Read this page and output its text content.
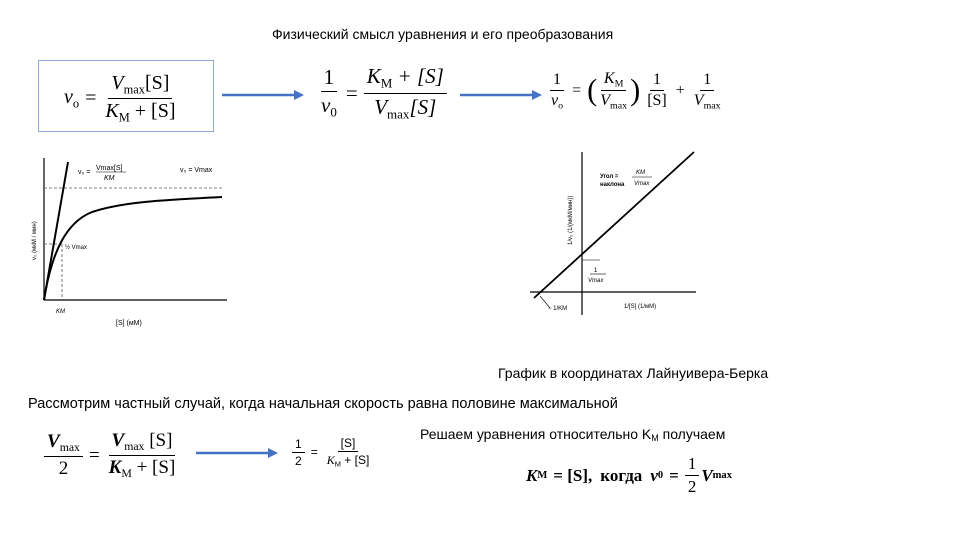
Физический смысл уравнения и его преобразования
$v_o = \frac{V_{max}[S]}{K_M + [S]}$	$\frac{1}{v_0} = \frac{K_M + [S]}{V_{max}[S]}$	$\frac{1}{v_o}$ = ( $\frac{K_M}{V_{max}}$ ) $\frac{1}{[S]} + \frac{1}{V_{max}}$
v₀ =
Vmax[S]
KM
v₀ = Vmax
½ Vmax
KM
[S] (мМ)
v₀ (мкМ / мин)
1
Vmax
− 1/KM
Угол =
наклона
KM
Vmax
1/[S] (1/мМ)
1/v₀ (1/(мкМ/мин))
График в координатах Лайнуивера-Берка
Рассмотрим частный случай, когда начальная скорость равна половине максимальной
$\frac{V_{max}}{2} = \frac{V_{max} [S]}{K_M + [S]}$	$\frac{1}{2} = \frac{[S]}{K_M + [S]}$
Решаем уравнения относительно KM получаем
K M = [S], когда v $0 = \frac{1}{2}$ V max
